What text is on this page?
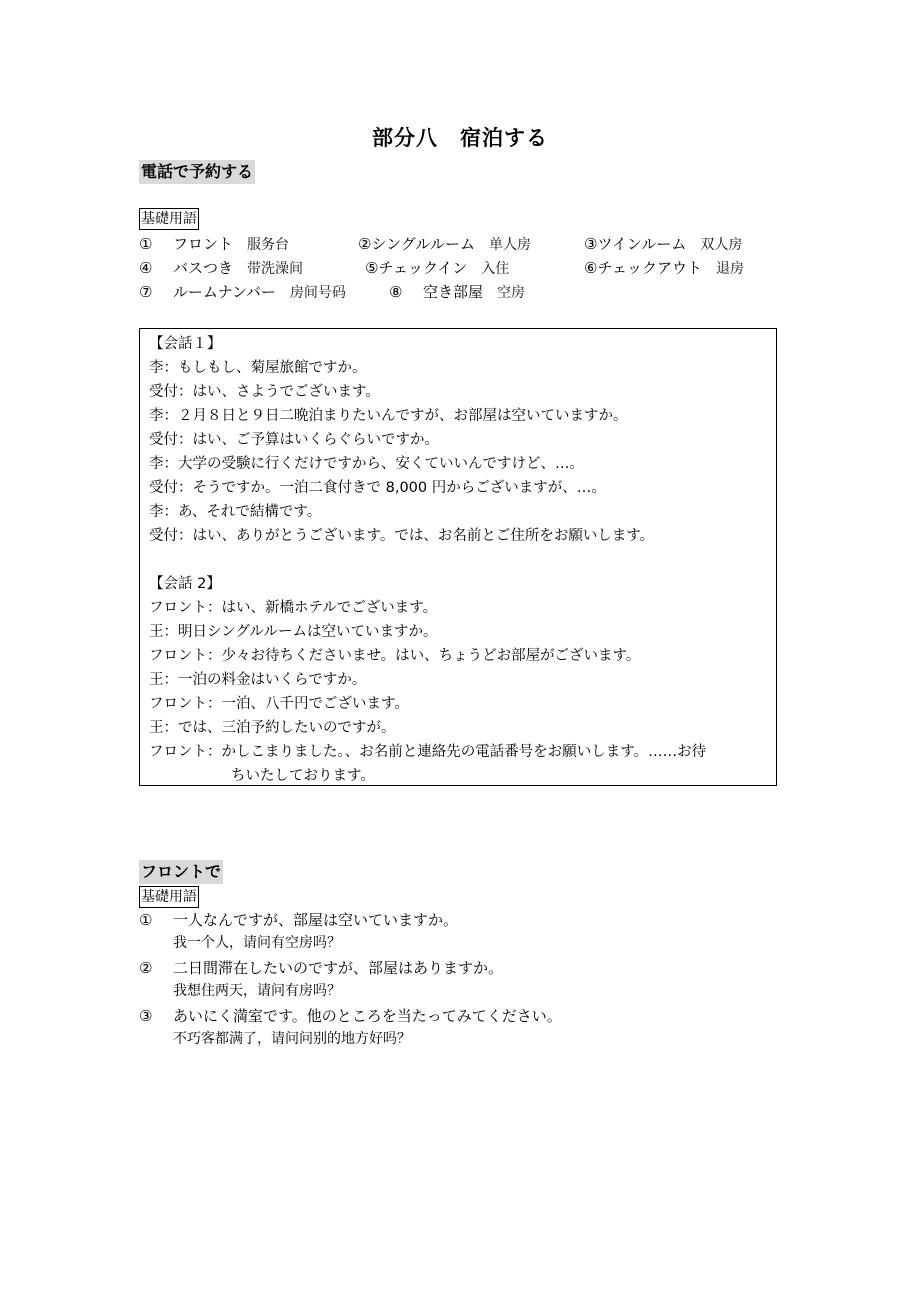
部分八　宿泊する
電話で予約する
基礎用語
① フロント 服务台	②シングルルーム 单人房	③ツインルーム 双人房
④ バスつき 带洗澡间	⑤チェックイン 入住	⑥チェックアウト 退房
⑦ ルームナンバー 房间号码	⑧ 空き部屋 空房
【会話１】
李：もしもし、菊屋旅館ですか。
受付：はい、さようでございます。
李：２月８日と９日二晩泊まりたいんですが、お部屋は空いていますか。
受付：はい、ご予算はいくらぐらいですか。
李：大学の受験に行くだけですから、安くていいんですけど、…。
受付：そうですか。一泊二食付きで 8,000 円からございますが、…。
李：あ、それで結構です。
受付：はい、ありがとうございます。では、お名前とご住所をお願いします。
【会話 2】
フロント：はい、新橋ホテルでございます。
王：明日シングルルームは空いていますか。
フロント：少々お待ちくださいませ。はい、ちょうどお部屋がございます。
王：一泊の料金はいくらですか。
フロント：一泊、八千円でございます。
王：では、三泊予約したいのですが。
フロント：かしこまりました。、お名前と連絡先の電話番号をお願いします。……お待
ちいたしております。
フロントで
基礎用語
① 一人なんですが、部屋は空いていますか。
我一个人，请问有空房吗？
② 二日間滞在したいのですが、部屋はありますか。
我想住两天，请问有房吗？
③ あいにく満室です。他のところを当たってみてください。
不巧客都满了，请问问别的地方好吗？
